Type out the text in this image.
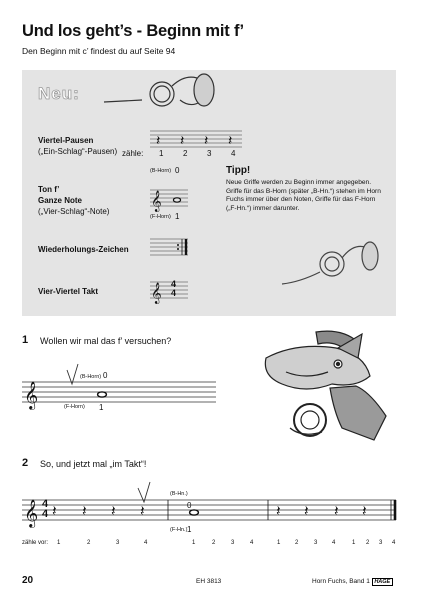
Und los geht’s - Beginn mit f’
Den Beginn mit c’ findest du auf Seite 94
Neu:
Viertel-Pausen
(„Ein-Schlag“-Pausen)
𝄽 𝄽 𝄽 𝄽
zähle: 1 2 3 4
Ton f’
Ganze Note
(„Vier-Schlag“-Note)
(B-Horn) 0
𝄞
(F-Horn) 1
Tipp!
Neue Griffe werden zu Beginn immer angegeben. Griffe für das B-Horn (später „B-Hn.“) stehen im Horn Fuchs immer über den Noten, Griffe für das F-Horn („F-Hn.“) immer darunter.
Wiederholungs-Zeichen
Vier-Viertel Takt	𝄞 4
4
1 Wollen wir mal das f’ versuchen?
(B-Horn) 0
𝄞	(F-Horn) 1
2 So, und jetzt mal „im Takt“!
(B-Hn.)
0
𝄞 𝄽 𝄽 𝄽 𝄽	𝄽 𝄽 𝄽 𝄽
4
4
(F-Hn.) 1
zähle vor: 1	2	3	4	1	2	3	4	1 2	3 4	1 2 3 4
20	EH 3813	Horn Fuchs, Band 1 HAGE
